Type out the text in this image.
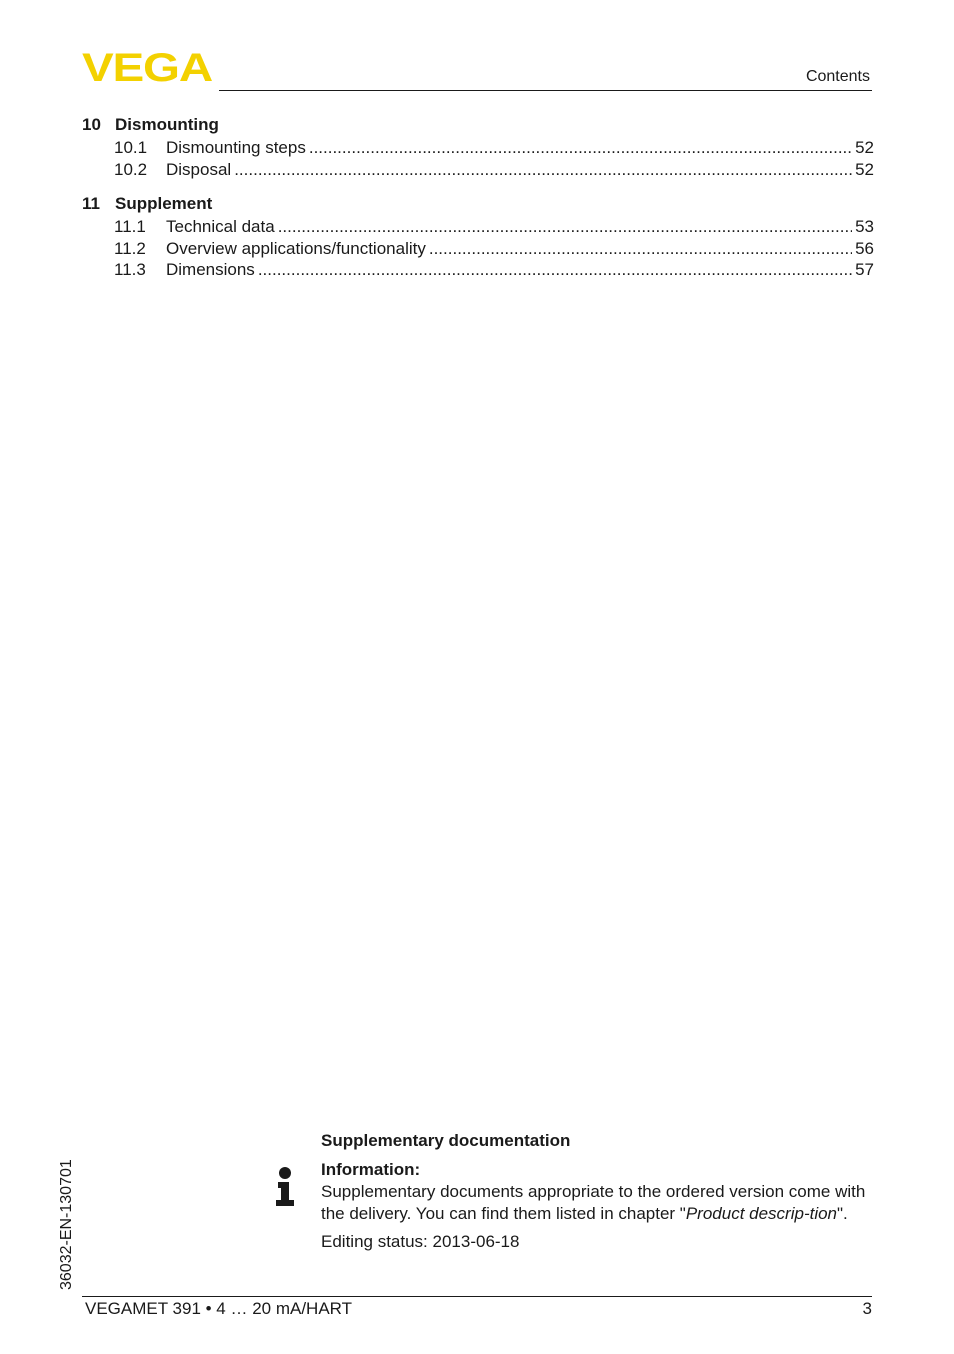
VEGA	Contents
10 Dismounting
10.1	Dismounting steps .....	52
10.2	Disposal .....	52
11 Supplement
11.1	Technical data .....	53
11.2	Overview applications/functionality .....	56
11.3	Dimensions .....	57
36032-EN-130701
Supplementary documentation
Information:

Supplementary documents appropriate to the ordered version come with the delivery. You can find them listed in chapter "Product descrip-tion".

Editing status: 2013-06-18
VEGAMET 391 • 4 … 20 mA/HART	3
